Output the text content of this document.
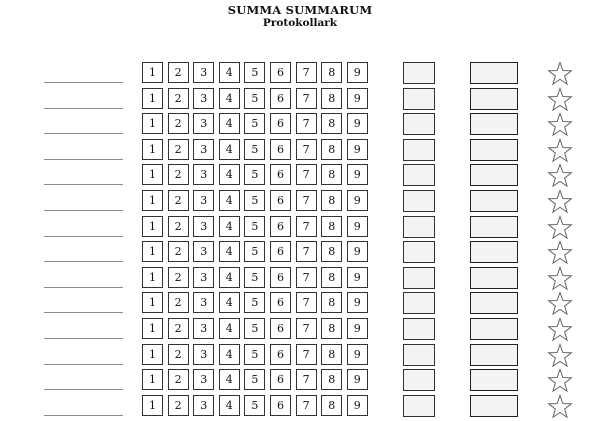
SUMMA SUMMARUM
Protokollark
1	2	3	4	5	6	7	8	9
1	2	3	4	5	6	7	8	9
1	2	3	4	5	6	7	8	9
1	2	3	4	5	6	7	8	9
1	2	3	4	5	6	7	8	9
1	2	3	4	5	6	7	8	9
1	2	3	4	5	6	7	8	9
1	2	3	4	5	6	7	8	9
1	2	3	4	5	6	7	8	9
1	2	3	4	5	6	7	8	9
1	2	3	4	5	6	7	8	9
1	2	3	4	5	6	7	8	9
1	2	3	4	5	6	7	8	9
1	2	3	4	5	6	7	8	9
